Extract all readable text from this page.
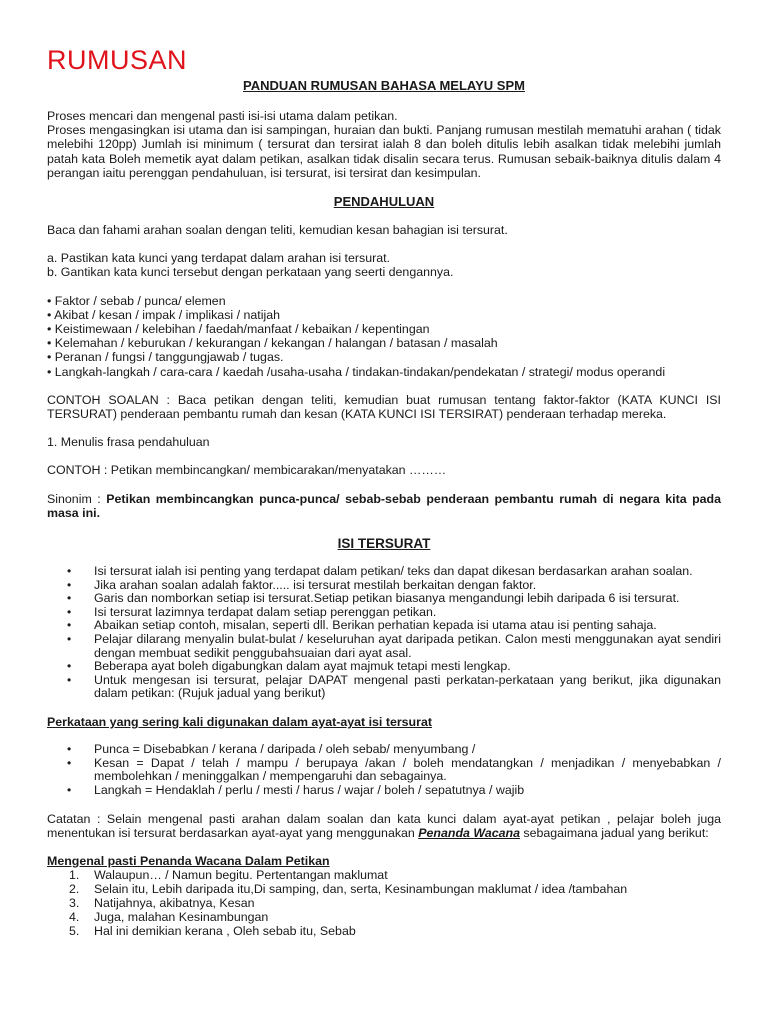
RUMUSAN
PANDUAN RUMUSAN BAHASA MELAYU SPM

Proses mencari dan mengenal pasti isi-isi utama dalam petikan.

Proses mengasingkan isi utama dan isi sampingan, huraian dan bukti. Panjang rumusan mestilah mematuhi arahan ( tidak melebihi 120pp) Jumlah isi minimum ( tersurat dan tersirat ialah 8 dan boleh ditulis lebih asalkan tidak melebihi jumlah patah kata Boleh memetik ayat dalam petikan, asalkan tidak disalin secara terus. Rumusan sebaik-baiknya ditulis dalam 4 perangan iaitu perenggan pendahuluan, isi tersurat, isi tersirat dan kesimpulan.

PENDAHULUAN

Baca dan fahami arahan soalan dengan teliti, kemudian kesan bahagian isi tersurat.

a. Pastikan kata kunci yang terdapat dalam arahan isi tersurat.

b. Gantikan kata kunci tersebut dengan perkataan yang seerti dengannya.

• Faktor / sebab / punca/ elemen

• Akibat / kesan / impak / implikasi / natijah

• Keistimewaan / kelebihan / faedah/manfaat / kebaikan / kepentingan

• Kelemahan / keburukan / kekurangan / kekangan / halangan / batasan / masalah

• Peranan / fungsi / tanggungjawab / tugas.

• Langkah-langkah / cara-cara / kaedah /usaha-usaha / tindakan-tindakan/pendekatan / strategi/ modus operandi

CONTOH SOALAN : Baca petikan dengan teliti, kemudian buat rumusan tentang faktor-faktor (KATA KUNCI ISI TERSURAT) penderaan pembantu rumah dan kesan (KATA KUNCI ISI TERSIRAT) penderaan terhadap mereka.

1. Menulis frasa pendahuluan

CONTOH : Petikan membincangkan/ membicarakan/menyatakan ………

Sinonim : Petikan membincangkan punca-punca/ sebab-sebab penderaan pembantu rumah di negara kita pada masa ini.

ISI TERSURAT
• Isi tersurat ialah isi penting yang terdapat dalam petikan/ teks dan dapat dikesan berdasarkan arahan soalan.
• Jika arahan soalan adalah faktor..... isi tersurat mestilah berkaitan dengan faktor.
• Garis dan nomborkan setiap isi tersurat.Setiap petikan biasanya mengandungi lebih daripada 6 isi tersurat.
• Isi tersurat lazimnya terdapat dalam setiap perenggan petikan.
• Abaikan setiap contoh, misalan, seperti dll. Berikan perhatian kepada isi utama atau isi penting sahaja.
• Pelajar dilarang menyalin bulat-bulat / keseluruhan ayat daripada petikan. Calon mesti menggunakan ayat sendiri dengan membuat sedikit penggubahsuaian dari ayat asal.
• Beberapa ayat boleh digabungkan dalam ayat majmuk tetapi mesti lengkap.
• Untuk mengesan isi tersurat, pelajar DAPAT mengenal pasti perkatan-perkataan yang berikut, jika digunakan dalam petikan: (Rujuk jadual yang berikut)
Perkataan yang sering kali digunakan dalam ayat-ayat isi tersurat
• Punca = Disebabkan / kerana / daripada / oleh sebab/ menyumbang /
• Kesan = Dapat / telah / mampu / berupaya /akan / boleh mendatangkan / menjadikan / menyebabkan / membolehkan / meninggalkan / mempengaruhi dan sebagainya.
• Langkah = Hendaklah / perlu / mesti / harus / wajar / boleh / sepatutnya / wajib

Catatan : Selain mengenal pasti arahan dalam soalan dan kata kunci dalam ayat-ayat petikan , pelajar boleh juga menentukan isi tersurat berdasarkan ayat-ayat yang menggunakan Penanda Wacana sebagaimana jadual yang berikut:

Mengenal pasti Penanda Wacana Dalam Petikan
1. Walaupun… / Namun begitu. Pertentangan maklumat
2. Selain itu, Lebih daripada itu,Di samping, dan, serta, Kesinambungan maklumat / idea /tambahan
3. Natijahnya, akibatnya, Kesan
4. Juga, malahan Kesinambungan
5. Hal ini demikian kerana , Oleh sebab itu, Sebab
